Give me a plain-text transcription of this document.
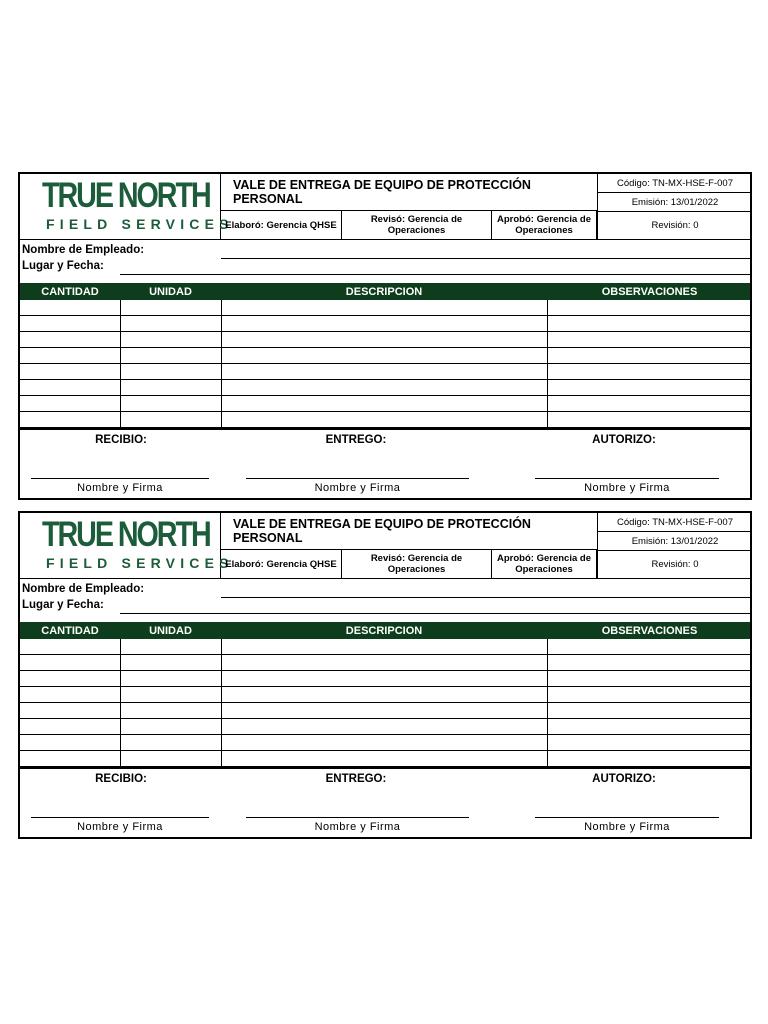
TRUE NORTH
FIELD SERVICES
VALE DE ENTREGA DE EQUIPO DE PROTECCIÓN PERSONAL
Elaboró: Gerencia QHSE	Revisó: Gerencia de Operaciones
Aprobó: Gerencia de Operaciones
Código: TN-MX-HSE-F-007
Emisión: 13/01/2022
Revisión: 0
Nombre de Empleado:
Lugar y Fecha:
CANTIDAD	UNIDAD	DESCRIPCION	OBSERVACIONES
RECIBIO:	ENTREGO:	AUTORIZO:
Nombre y Firma	Nombre y Firma	Nombre y Firma
TRUE NORTH
FIELD SERVICES
VALE DE ENTREGA DE EQUIPO DE PROTECCIÓN PERSONAL
Elaboró: Gerencia QHSE	Revisó: Gerencia de Operaciones
Aprobó: Gerencia de Operaciones
Código: TN-MX-HSE-F-007
Emisión: 13/01/2022
Revisión: 0
Nombre de Empleado:
Lugar y Fecha:
CANTIDAD	UNIDAD	DESCRIPCION	OBSERVACIONES
RECIBIO:	ENTREGO:	AUTORIZO:
Nombre y Firma	Nombre y Firma	Nombre y Firma
